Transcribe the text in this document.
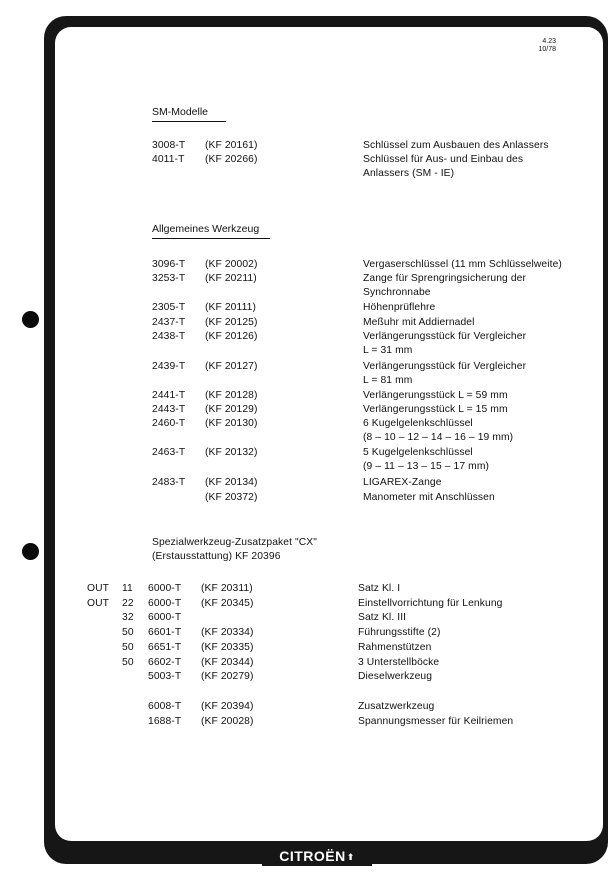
4.23
10/78
SM-Modelle
3008-T (KF 20161)	Schlüssel zum Ausbauen des Anlassers
4011-T (KF 20266)	Schlüssel für Aus- und Einbau des
Anlassers (SM - IE)
Allgemeines Werkzeug
3096-T (KF 20002)	Vergaserschlüssel (11 mm Schlüsselweite)
3253-T (KF 20211)	Zange für Sprengringsicherung der
Synchronnabe
2305-T (KF 20111)	Höhenprüflehre
2437-T (KF 20125)	Meßuhr mit Addiernadel
2438-T (KF 20126)	Verlängerungsstück für Vergleicher
L = 31 mm
2439-T (KF 20127)	Verlängerungsstück für Vergleicher
L = 81 mm
2441-T (KF 20128)	Verlängerungsstück L = 59 mm
2443-T (KF 20129)	Verlängerungsstück L = 15 mm
2460-T (KF 20130)	6 Kugelgelenkschlüssel
(8 – 10 – 12 – 14 – 16 – 19 mm)
2463-T (KF 20132)	5 Kugelgelenkschlüssel
(9 – 11 – 13 – 15 – 17 mm)
2483-T (KF 20134)	LIGAREX-Zange
(KF 20372)	Manometer mit Anschlüssen
Spezialwerkzeug-Zusatzpaket "CX"
(Erstausstattung) KF 20396
OUT 11 6000-T (KF 20311)	Satz Kl. I
OUT 22 6000-T (KF 20345)	Einstellvorrichtung für Lenkung
32 6000-T	Satz Kl. III
50 6601-T (KF 20334)	Führungsstifte (2)
50 6651-T (KF 20335)	Rahmenstützen
50 6602-T (KF 20344)	3 Unterstellböcke
5003-T (KF 20279)	Dieselwerkzeug
6008-T (KF 20394)	Zusatzwerkzeug
1688-T (KF 20028)	Spannungsmesser für Keilriemen
CITROËN⬆
